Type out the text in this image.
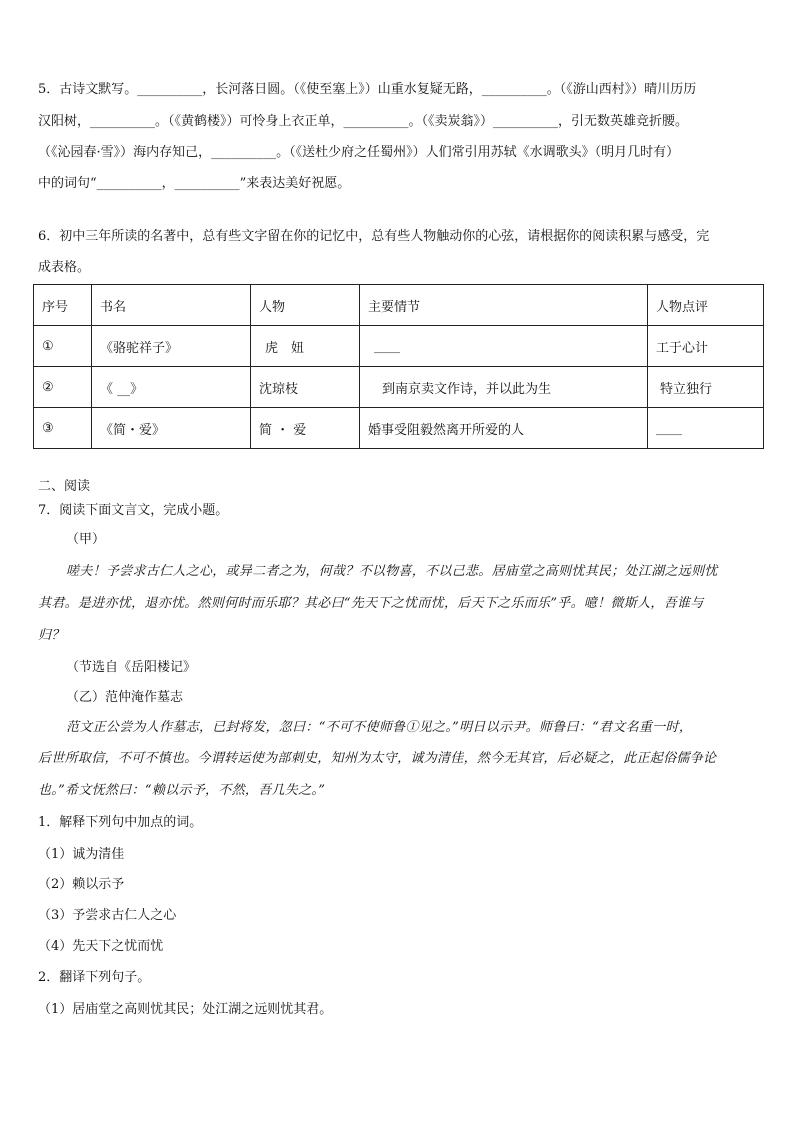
5．古诗文默写。__________，长河落日圆。（《使至塞上》）山重水复疑无路，__________。（《游山西村》）晴川历历
汉阳树，__________。（《黄鹤楼》）可怜身上衣正单，__________。（《卖炭翁》）__________，引无数英雄竞折腰。
（《沁园春·雪》）海内存知己，__________。（《送杜少府之任蜀州》）人们常引用苏轼《水调歌头》（明月几时有）
中的词句“__________，__________”来表达美好祝愿。
6．初中三年所读的名著中，总有些文字留在你的记忆中，总有些人物触动你的心弦，请根据你的阅读积累与感受，完
成表格。
序号	书名	人物	主要情节	人物点评
①	《骆驼祥子》	虎　妞	____	工于心计
②	《 __》	沈琼枝	到南京卖文作诗，并以此为生	特立独行
③	《简・爱》	简 ・ 爱	婚事受阻毅然离开所爱的人	____
二、阅读
7．阅读下面文言文，完成小题。
（甲）
嗟夫！予尝求古仁人之心，或异二者之为，何哉？不以物喜，不以己悲。居庙堂之高则忧其民；处江湖之远则忧
其君。是进亦忧，退亦忧。然则何时而乐耶？其必曰“先天下之忧而忧，后天下之乐而乐”乎。噫！微斯人，吾谁与
归？
（节选自《岳阳楼记》
（乙）范仲淹作墓志
范文正公尝为人作墓志，已封将发，忽曰：“不可不使师鲁①见之。”明日以示尹。师鲁曰：“君文名重一时，
后世所取信，不可不慎也。今谓转运使为部刺史，知州为太守，诚为清佳，然今无其官，后必疑之，此正起俗儒争论
也。”希文怃然曰：“赖以示予，不然，吾几失之。”
1．解释下列句中加点的词。
（1）诚为清佳
（2）赖以示予
（3）予尝求古仁人之心
（4）先天下之忧而忧
2．翻译下列句子。
（1）居庙堂之高则忧其民；处江湖之远则忧其君。
